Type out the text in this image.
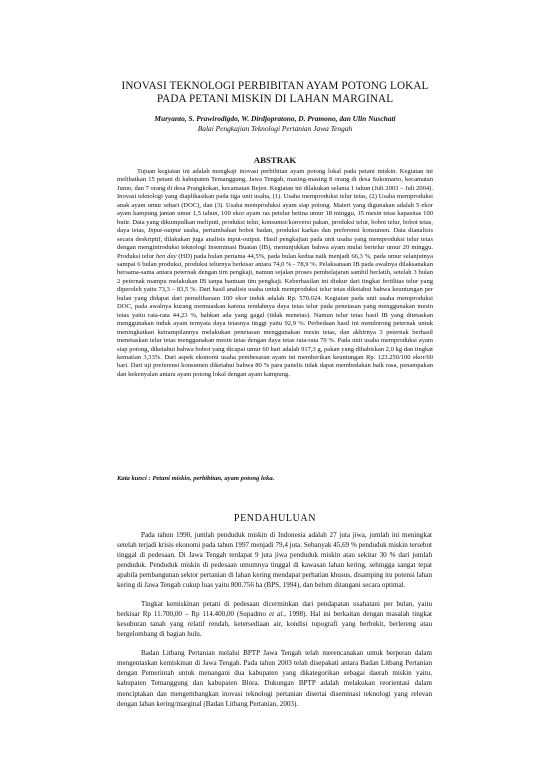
INOVASI TEKNOLOGI PERBIBITAN AYAM POTONG LOKAL
PADA PETANI MISKIN DI LAHAN MARGINAL
Muryanto, S. Prawirodigdo, W. Dirdjopratono, D. Pramono, dan Ulin Nuschati
Balai Pengkajian Teknologi Pertanian Jawa Tengah
ABSTRAK

Tujuan kegiatan ini adalah mengkaji inovasi perbibitan ayam potong lokal pada petani miskin. Kegiatan ini melibatkan 15 petani di kabupaten Temanggung, Jawa Tengah, masing-masing 8 orang di desa Sukomarto, kecamatan Jumo, dan 7 orang di desa Prangkokan, kecamatan Bejen. Kegiatan ini dilakukan selama 1 tahun (Juli 2003 – Juli 2004). Inovasi teknologi yang diaplikasikan pada tiga unit usaha, (1). Usaha memproduksi telur tetas, (2) Usaha memproduksi anak ayam umur sehari (DOC), dan (3). Usaha memproduksi ayam siap potong. Materi yang digunakan adalah 5 ekor ayam kampung jantan umur 1,5 tahun, 100 ekor ayam ras petelur betina umur 18 minggu, 15 mesin tetas kapasitas 100 butir. Data yang dikumpulkan meliputi, produksi telur, konsumsi/konversi pakan, produksi telur, bobot telur, bobot tetas, daya tetas, Input-output usaha, pertambahan bobot badan, produksi karkas dan preferensi konsumen. Data dianalisis secara deskriptif, dilakukan juga analisis input-output. Hasil pengkajian pada unit usaha yang memproduksi telur tetas dengan mengintroduksi teknologi Inseminasi Buatan (IB), menunjukkan bahwa ayam mulai bertelur umur 20 minggu. Produksi telur hen day (HD) pada bulan pertama 44,5%, pada bulan kedua naik menjadi 66,3 %, pada umur selanjutnya sampai 6 bulan produksi, produksi telurnya berkisar antara 74,0 % - 78,9 %. Pelaksanaan IB pada awalnya dilaksanakan bersama-sama antara peternak dengan tim pengkaji, namun sejalan proses pembelajaran sambil berlatih, setelah 3 bulan 2 peternak mampu melakukan IB tanpa bantuan tim pengkaji. Keberhasilan ini diukur dari tingkat fertilitas telur yang diperoleh yaitu 73,3 – 83,5 %. Dari hasil analisis usaha untuk memproduksi telur tetas diketahui bahwa keuntungan per bulan yang didapat dari pemeliharaan 100 ekor induk adalah Rp. 570.024. Kegiatan pada unit usaha memproduksi DOC, pada awalnya kurang memuaskan karena rendahnya daya tetas telur pada penetasan yang menggunakan mesin tetas yaitu rata-rata 44,23 %, bahkan ada yang gagal (tidak menetas). Namun telur tetas hasil IB yang ditetaskan menggunakan induk ayam ternyata daya tetasnya tinggi yaitu 92,9 %. Perbedaan hasil ini mendorong peternak untuk meningkatkan ketrampilannya melakukan penetasan menggunakan mesin tetas, dan akhirnya 3 peternak berhasil menetaskan telur tetas menggunakan mesin tetas dengan daya tetas rata-rata 70 %. Pada unit usaha memproduksi ayam siap potong, diketahui bahwa bobot yang dicapai umur 60 hari adalah 917,3 g, pakan yang dihabiskan 2,0 kg dan tingkat kematian 3,33%. Dari aspek ekonomi usaha pembesaran ayam ini memberikan keuntungan Rp. 123.250/100 ekor/60 hari. Dari uji preferensi konsumen diketahui bahwa 80 % para panelis tidak dapat membedakan baik rasa, penampakan dan kekenyalan antara ayam potong lokal dengan ayam kampung.

Kata kunci : Petani miskin, perbibitan, ayam potong loka.
PENDAHULUAN

Pada tahun 1990, jumlah penduduk miskin di Indonesia adalah 27 juta jiwa, jumlah ini meningkat setelah terjadi krisis ekonomi pada tahun 1997 menjadi 79,4 juta. Sebanyak 45,69 % penduduk miskin tersebut tinggal di pedesaan. Di Jawa Tengah terdapat 9 juta jiwa penduduk miskin atau sekitar 30 % dari jumlah penduduk. Penduduk miskin di pedesaan umumnya tinggal di kawasan lahan kering, sehingga sangat tepat apabila pembangunan sektor pertanian di lahan kering mendapat perhatian khusus, disamping itu potensi lahan kering di Jawa Tengah cukup luas yaitu 800.756 ha (BPS, 1994), dan belum ditangani secara optimal.

Tingkat kemiskinan petani di pedesaan dicerminkan dari pendapatan usahatani per bulan, yaitu berkisar Rp 11.700,00 – Rp 114.400,00 (Supadmo et al., 1998). Hal ini berkaitan dengan masalah tingkat kesuburan tanah yang relatif rendah, ketersediaan air, kondisi topografi yang berbukit, berlereng atau bergelombang di bagian hulu.

Badan Litbang Pertanian melalui BPTP Jawa Tengah telah merencanakan untuk berperan dalam mengentaskan kemiskinan di Jawa Tengah. Pada tahun 2003 telah disepakati antara Badan Litbang Pertanian dengan Pemerintah untuk menangani dua kabupaten yang dikategorikan sebagai daerah miskin yaitu, kabupaten Temanggung dan kabupaten Blora. Dukungan BPTP adalah melakukan reorientasi dalam menciptakan dan mengembangkan inovasi teknologi pertanian disertai diseminasi teknologi yang relevan dengan lahan kering/marginal (Badan Litbang Pertanian, 2003).
